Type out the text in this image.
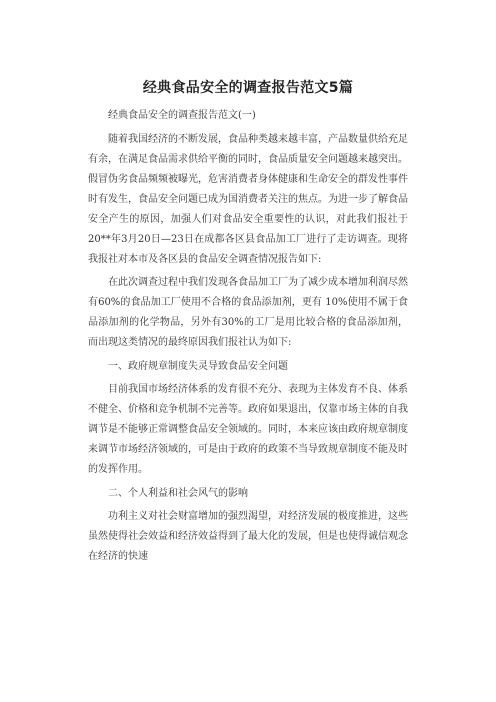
经典食品安全的调查报告范文5篇

经典食品安全的调查报告范文(一)

随着我国经济的不断发展，食品种类越来越丰富，产品数量供给充足有余，在满足食品需求供给平衡的同时，食品质量安全问题越来越突出。假冒伪劣食品频频被曝光，危害消费者身体健康和生命安全的群发性事件时有发生，食品安全问题已成为国消费者关注的焦点。为进一步了解食品安全产生的原因，加强人们对食品安全重要性的认识，对此我们报社于20**年3月20日—23日在成都各区县食品加工厂进行了走访调查。现将我报社对本市及各区县的食品安全调查情况报告如下:

在此次调查过程中我们发现各食品加工厂为了减少成本增加利润尽然有60%的食品加工厂使用不合格的食品添加剂，更有 10%使用不属于食品添加剂的化学物品，另外有30%的工厂是用比较合格的食品添加剂，而出现这类情况的最终原因我们报社认为如下:

一、政府规章制度失灵导致食品安全问题

目前我国市场经济体系的发育很不充分、表现为主体发育不良、体系不健全、价格和竞争机制不完善等。政府如果退出，仅靠市场主体的自我调节是不能够正常调整食品安全领域的。同时，本来应该由政府规章制度来调节市场经济领域的，可是由于政府的政策不当导致规章制度不能及时的发挥作用。

二、个人利益和社会风气的影响

功利主义对社会财富增加的强烈渴望，对经济发展的极度推进，这些虽然使得社会效益和经济效益得到了最大化的发展，但是也使得诚信观念在经济的快速
